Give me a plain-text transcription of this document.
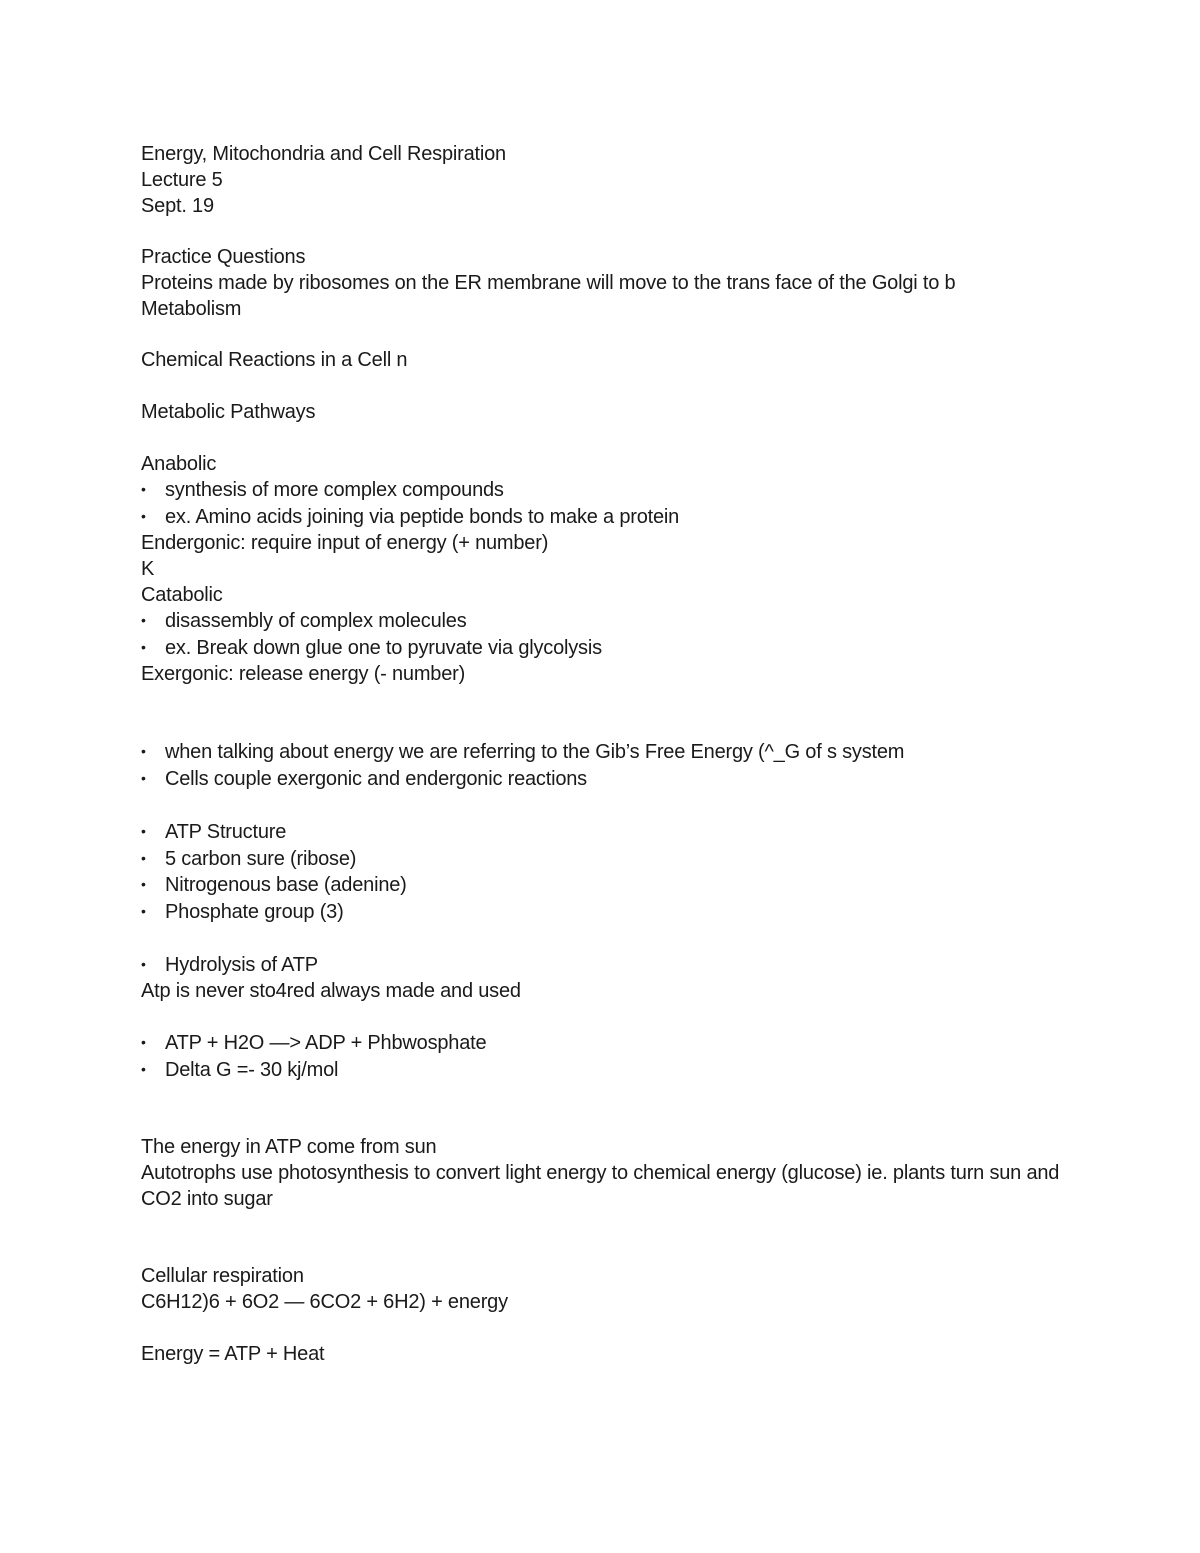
Energy, Mitochondria and Cell Respiration
Lecture 5
Sept. 19
Practice Questions
Proteins made by ribosomes on the ER membrane will move to the trans face of the Golgi to b
Metabolism
Chemical Reactions in a Cell n
Metabolic Pathways
Anabolic
• synthesis of more complex compounds
• ex. Amino acids joining via peptide bonds to make a protein
Endergonic: require input of energy (+ number)
K
Catabolic
• disassembly of complex molecules
• ex. Break down glue one to pyruvate via glycolysis
Exergonic: release energy (- number)
• when talking about energy we are referring to the Gib’s Free Energy (^_G of s system
• Cells couple exergonic and endergonic reactions
• ATP Structure
• 5 carbon sure (ribose)
• Nitrogenous base (adenine)
• Phosphate group (3)
• Hydrolysis of ATP
Atp is never sto4red always made and used
• ATP + H2O —> ADP + Phbwosphate
• Delta G =- 30 kj/mol
The energy in ATP come from sun
Autotrophs use photosynthesis to convert light energy to chemical energy (glucose) ie. plants turn sun and CO2 into sugar
Cellular respiration
C6H12)6 + 6O2 — 6CO2 + 6H2) + energy
Energy = ATP + Heat
